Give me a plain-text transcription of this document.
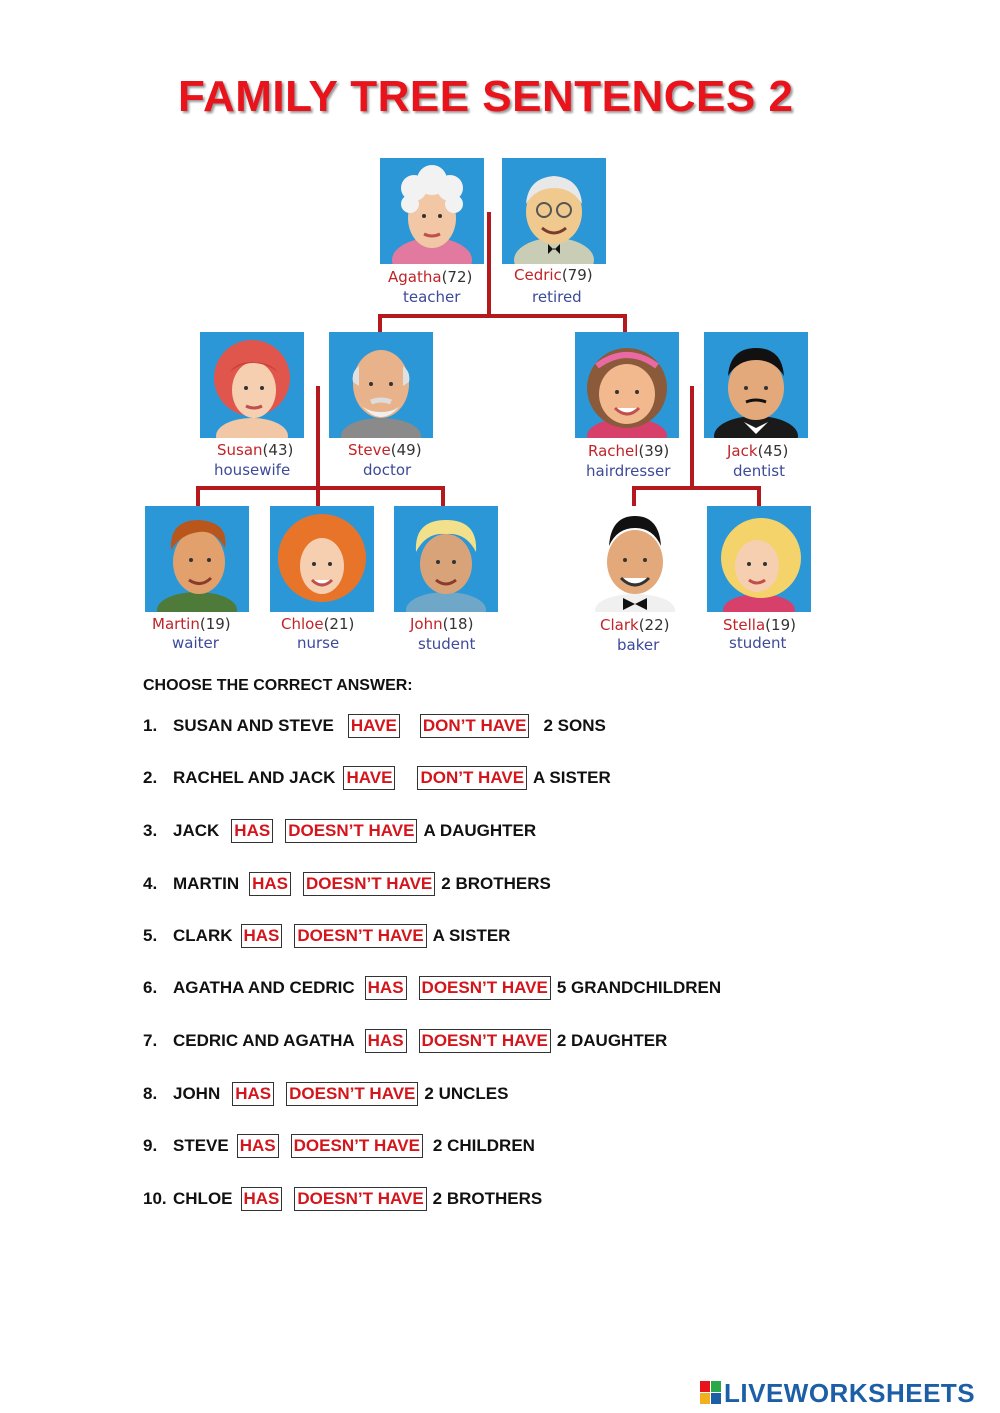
FAMILY TREE SENTENCES 2
Agatha(72)
teacher
Cedric(79)
retired
Susan(43)
housewife
Steve(49)
doctor
Rachel(39)
hairdresser
Jack(45)
dentist
Martin(19)
waiter
Chloe(21)
nurse
John(18)
student
Clark(22)
baker
Stella(19)
student
CHOOSE THE CORRECT ANSWER:
1. SUSAN AND STEVE HAVE DON’T HAVE 2 SONS
2. RACHEL AND JACK HAVE DON’T HAVE A SISTER
3. JACK HAS DOESN’T HAVE A DAUGHTER
4. MARTIN HAS DOESN’T HAVE 2 BROTHERS
5. CLARK HAS DOESN’T HAVE A SISTER
6. AGATHA AND CEDRIC HAS DOESN’T HAVE 5 GRANDCHILDREN
7. CEDRIC AND AGATHA HAS DOESN’T HAVE 2 DAUGHTER
8. JOHN HAS DOESN’T HAVE 2 UNCLES
9. STEVE HAS DOESN’T HAVE 2 CHILDREN
10. CHLOE HAS DOESN’T HAVE 2 BROTHERS
LIVEWORKSHEETS
